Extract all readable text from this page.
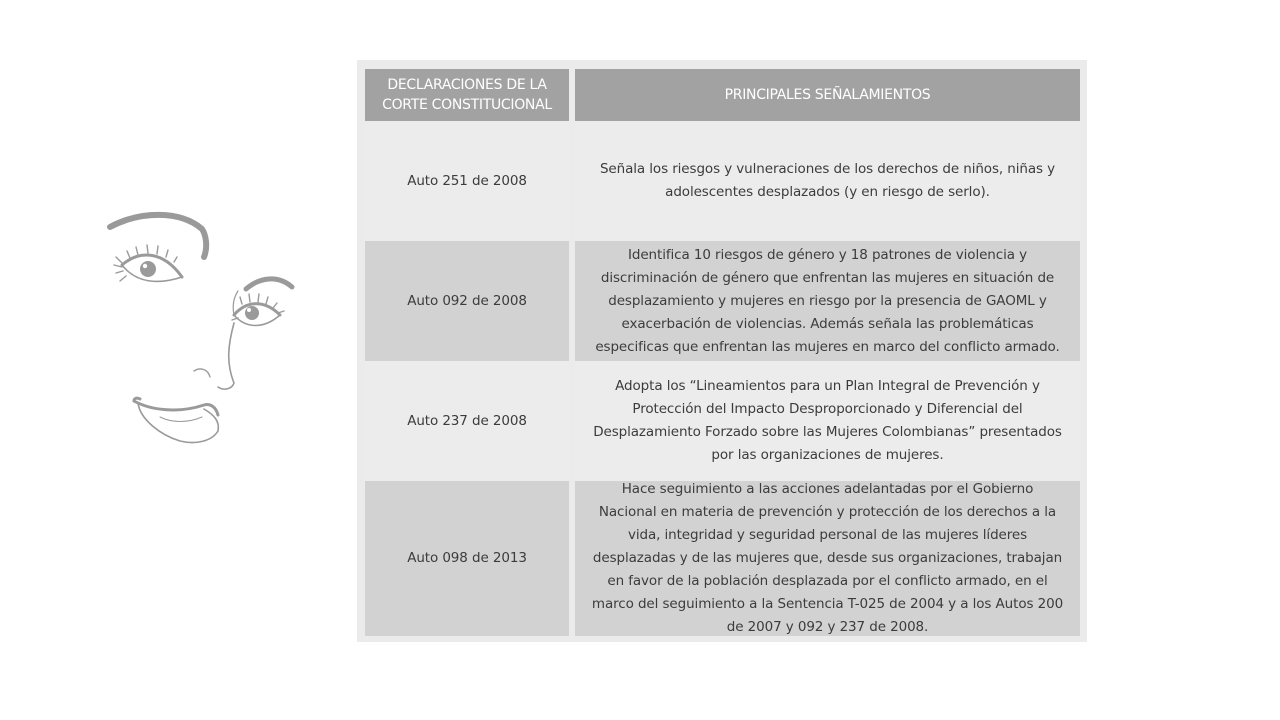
DECLARACIONES DE LA CORTE CONSTITUCIONAL
PRINCIPALES SEÑALAMIENTOS
Auto 251 de 2008
Señala los riesgos y vulneraciones de los derechos de niños, niñas y adolescentes desplazados (y en riesgo de serlo).
Auto 092 de 2008
Identifica 10 riesgos de género y 18 patrones de violencia y discriminación de género que enfrentan las mujeres en situación de desplazamiento y mujeres en riesgo por la presencia de GAOML y exacerbación de violencias. Además señala las problemáticas especificas que enfrentan las mujeres en marco del conflicto armado.
Auto 237 de 2008
Adopta los “Lineamientos para un Plan Integral de Prevención y Protección del Impacto Desproporcionado y Diferencial del Desplazamiento Forzado sobre las Mujeres Colombianas” presentados por las organizaciones de mujeres.
Auto 098 de 2013
Hace seguimiento a las acciones adelantadas por el Gobierno Nacional en materia de prevención y protección de los derechos a la vida, integridad y seguridad personal de las mujeres líderes desplazadas y de las mujeres que, desde sus organizaciones, trabajan en favor de la población desplazada por el conflicto armado, en el marco del seguimiento a la Sentencia T-025 de 2004 y a los Autos 200 de 2007 y 092 y 237 de 2008.
